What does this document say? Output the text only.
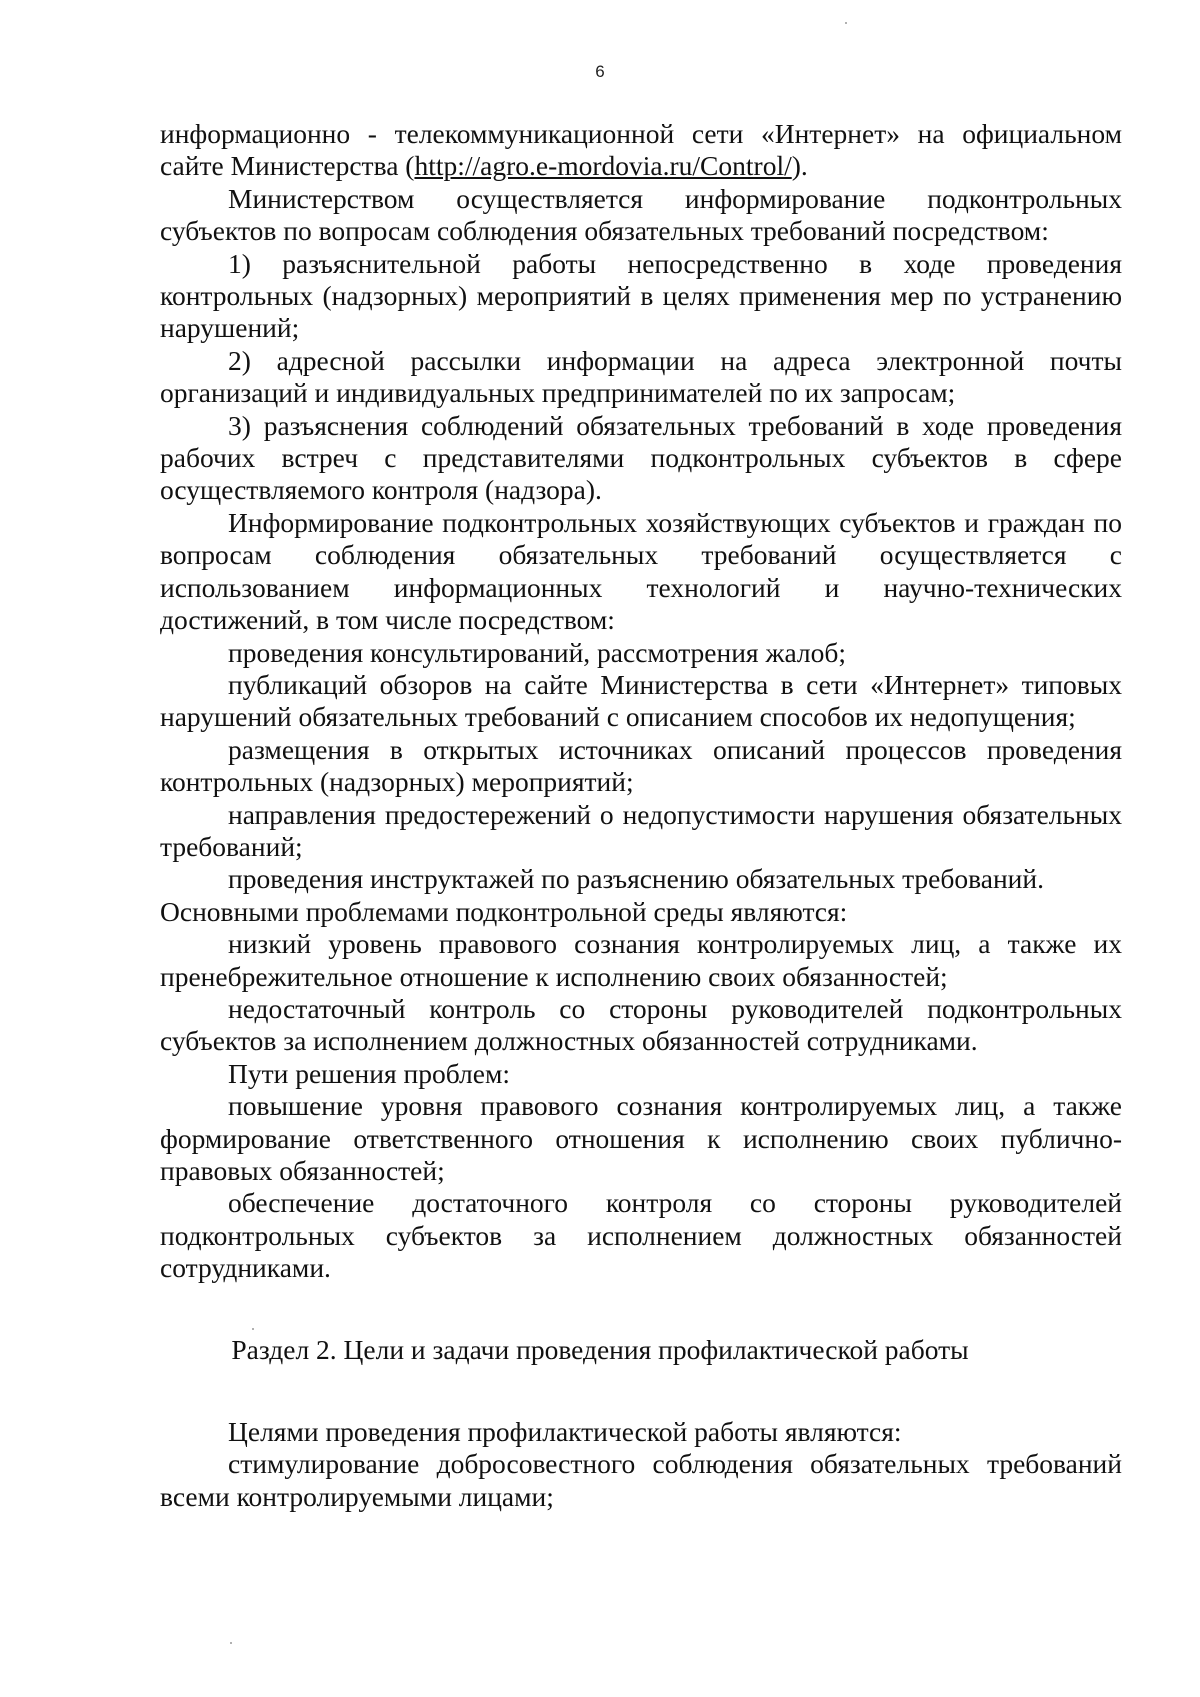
6

информационно - телекоммуникационной сети «Интернет» на официальном сайте Министерства (http://agro.e-mordovia.ru/Control/).

Министерством осуществляется информирование подконтрольных субъектов по вопросам соблюдения обязательных требований посредством:

1) разъяснительной работы непосредственно в ходе проведения контрольных (надзорных) мероприятий в целях применения мер по устранению нарушений;

2) адресной рассылки информации на адреса электронной почты организаций и индивидуальных предпринимателей по их запросам;

3) разъяснения соблюдений обязательных требований в ходе проведения рабочих встреч с представителями подконтрольных субъектов в сфере осуществляемого контроля (надзора).

Информирование подконтрольных хозяйствующих субъектов и граждан по вопросам соблюдения обязательных требований осуществляется с использованием информационных технологий и научно-технических достижений, в том числе посредством:

проведения консультирований, рассмотрения жалоб;

публикаций обзоров на сайте Министерства в сети «Интернет» типовых нарушений обязательных требований с описанием способов их недопущения;

размещения в открытых источниках описаний процессов проведения контрольных (надзорных) мероприятий;

направления предостережений о недопустимости нарушения обязательных требований;

проведения инструктажей по разъяснению обязательных требований.

Основными проблемами подконтрольной среды являются:

низкий уровень правового сознания контролируемых лиц, а также их пренебрежительное отношение к исполнению своих обязанностей;

недостаточный контроль со стороны руководителей подконтрольных субъектов за исполнением должностных обязанностей сотрудниками.

Пути решения проблем:

повышение уровня правового сознания контролируемых лиц, а также формирование ответственного отношения к исполнению своих публично-правовых обязанностей;

обеспечение достаточного контроля со стороны руководителей подконтрольных субъектов за исполнением должностных обязанностей сотрудниками.

Раздел 2. Цели и задачи проведения профилактической работы

Целями проведения профилактической работы являются:

стимулирование добросовестного соблюдения обязательных требований всеми контролируемыми лицами;
